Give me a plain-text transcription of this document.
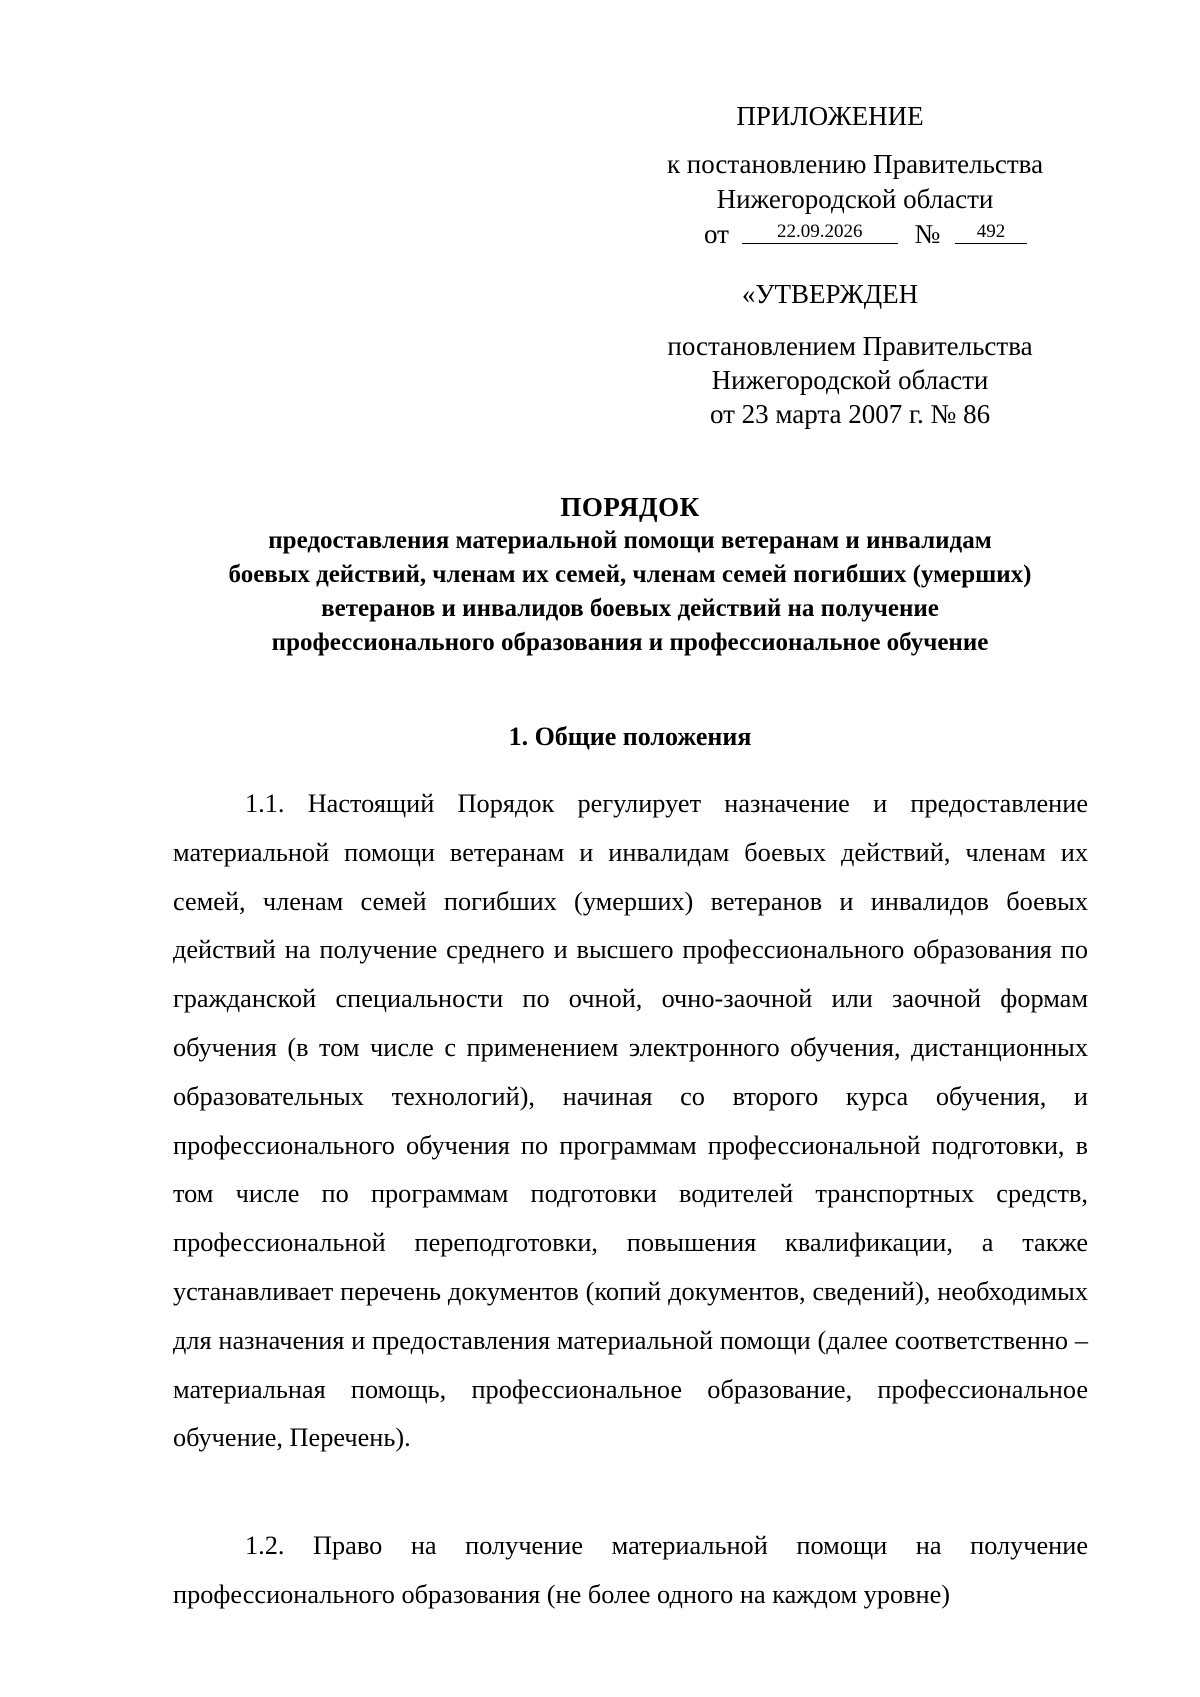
ПРИЛОЖЕНИЕ
к постановлению Правительства
Нижегородской области
от	22.09.2026 № 492
«УТВЕРЖДЕН
постановлением Правительства
Нижегородской области
от 23 марта 2007 г. № 86
ПОРЯДОК
предоставления материальной помощи ветеранам и инвалидам
боевых действий, членам их семей, членам семей погибших (умерших)
ветеранов и инвалидов боевых действий на получение
профессионального образования и профессиональное обучение
1. Общие положения
1.1. Настоящий Порядок регулирует назначение и предоставление материальной помощи ветеранам и инвалидам боевых действий, членам их семей, членам семей погибших (умерших) ветеранов и инвалидов боевых действий на получение среднего и высшего профессионального образования по гражданской специальности по очной, очно-заочной или заочной формам обучения (в том числе с применением электронного обучения, дистанционных образовательных технологий), начиная со второго курса обучения, и профессионального обучения по программам профессиональной подготовки, в том числе по программам подготовки водителей транспортных средств, профессиональной переподготовки, повышения квалификации, а также устанавливает перечень документов (копий документов, сведений), необходимых для назначения и предоставления материальной помощи (далее соответственно – материальная помощь, профессиональное образование, профессиональное обучение, Перечень).
1.2. Право на получение материальной помощи на получение профессионального образования (не более одного на каждом уровне)
